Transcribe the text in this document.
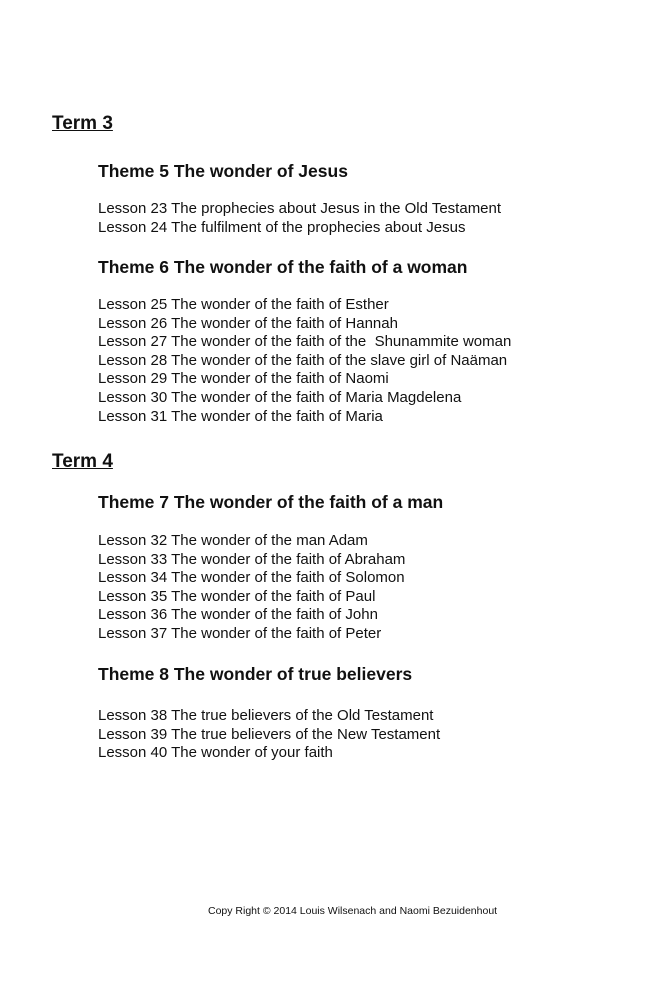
Term 3
Theme 5 The wonder of Jesus
Lesson 23 The prophecies about Jesus in the Old Testament
Lesson 24 The fulfilment of the prophecies about Jesus
Theme 6 The wonder of the faith of a woman
Lesson 25 The wonder of the faith of Esther
Lesson 26 The wonder of the faith of Hannah
Lesson 27 The wonder of the faith of the  Shunammite woman
Lesson 28 The wonder of the faith of the slave girl of Naäman
Lesson 29 The wonder of the faith of Naomi
Lesson 30 The wonder of the faith of Maria Magdelena
Lesson 31 The wonder of the faith of Maria
Term 4
Theme 7 The wonder of the faith of a man
Lesson 32 The wonder of the man Adam
Lesson 33 The wonder of the faith of Abraham
Lesson 34 The wonder of the faith of Solomon
Lesson 35 The wonder of the faith of Paul
Lesson 36 The wonder of the faith of John
Lesson 37 The wonder of the faith of Peter
Theme 8 The wonder of true believers
Lesson 38 The true believers of the Old Testament
Lesson 39 The true believers of the New Testament
Lesson 40 The wonder of your faith
Copy Right © 2014 Louis Wilsenach and Naomi Bezuidenhout
